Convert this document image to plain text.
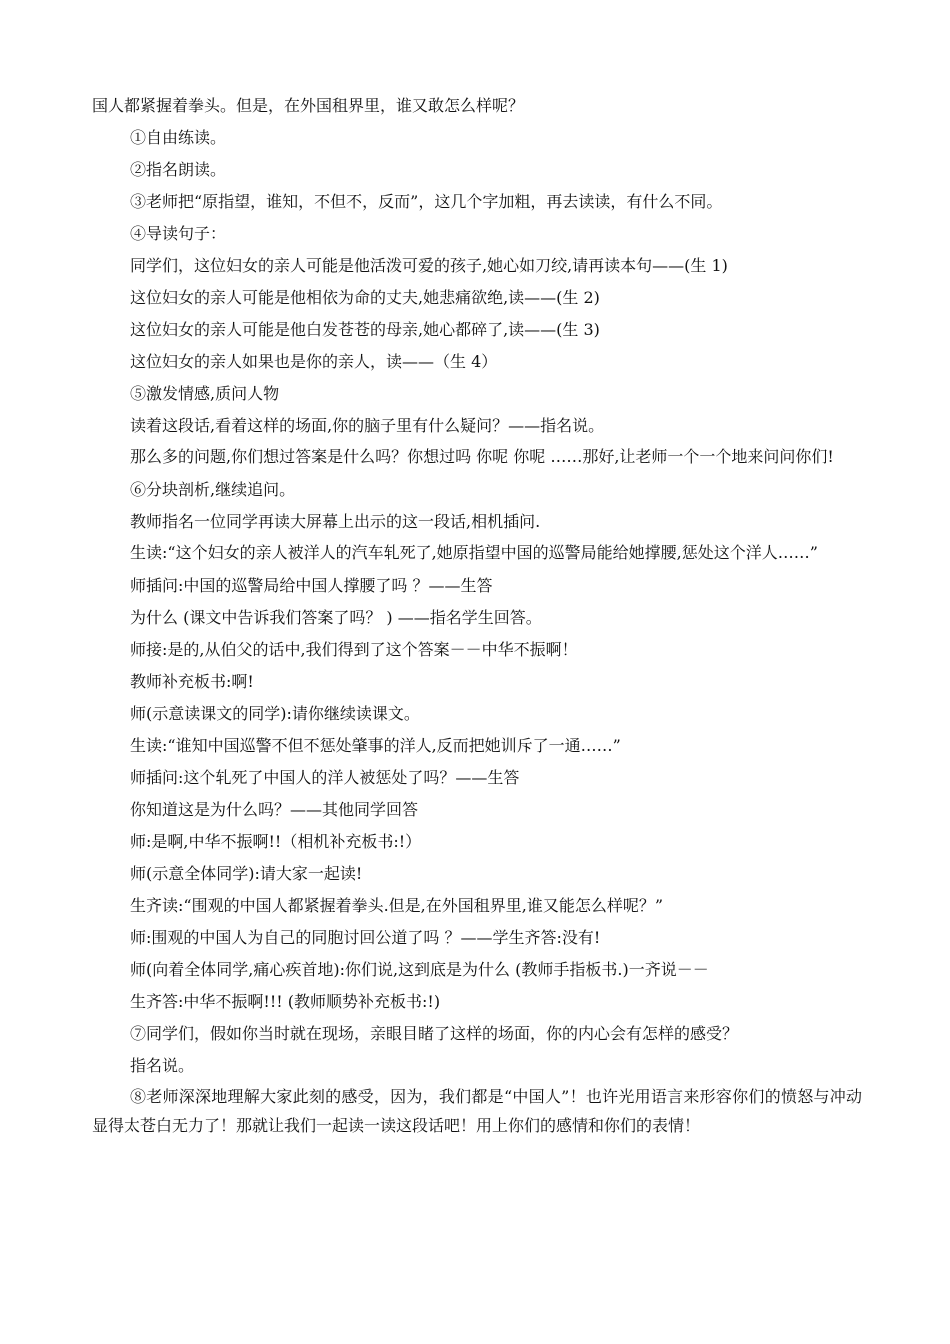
国人都紧握着拳头。但是，在外国租界里，谁又敢怎么样呢？

①自由练读。

②指名朗读。

③老师把“原指望，谁知，不但不，反而”，这几个字加粗，再去读读，有什么不同。

④导读句子：

同学们，这位妇女的亲人可能是他活泼可爱的孩子,她心如刀绞,请再读本句——(生 1)

这位妇女的亲人可能是他相依为命的丈夫,她悲痛欲绝,读——(生 2)

这位妇女的亲人可能是他白发苍苍的母亲,她心都碎了,读——(生 3)

这位妇女的亲人如果也是你的亲人，读——（生 4）

⑤激发情感,质问人物

读着这段话,看着这样的场面,你的脑子里有什么疑问？——指名说。

那么多的问题,你们想过答案是什么吗？你想过吗 你呢 你呢 ……那好,让老师一个一个地来问问你们!

⑥分块剖析,继续追问。

教师指名一位同学再读大屏幕上出示的这一段话,相机插问.

生读:“这个妇女的亲人被洋人的汽车轧死了,她原指望中国的巡警局能给她撑腰,惩处这个洋人……”

师插问:中国的巡警局给中国人撑腰了吗 ？——生答

为什么 (课文中告诉我们答案了吗？ ) ——指名学生回答。

师接:是的,从伯父的话中,我们得到了这个答案－－中华不振啊！

教师补充板书:啊!

师(示意读课文的同学):请你继续读课文。

生读:“谁知中国巡警不但不惩处肇事的洋人,反而把她训斥了一通……”

师插问:这个轧死了中国人的洋人被惩处了吗？——生答

你知道这是为什么吗？——其他同学回答

师:是啊,中华不振啊!!（相机补充板书:!）

师(示意全体同学):请大家一起读!

生齐读:“围观的中国人都紧握着拳头.但是,在外国租界里,谁又能怎么样呢？”

师:围观的中国人为自己的同胞讨回公道了吗 ？——学生齐答:没有!

师(向着全体同学,痛心疾首地):你们说,这到底是为什么 (教师手指板书.)一齐说－－

生齐答:中华不振啊!!! (教师顺势补充板书:!)

⑦同学们，假如你当时就在现场，亲眼目睹了这样的场面，你的内心会有怎样的感受？

指名说。

⑧老师深深地理解大家此刻的感受，因为，我们都是“中国人”！也许光用语言来形容你们的愤怒与冲动显得太苍白无力了！那就让我们一起读一读这段话吧！用上你们的感情和你们的表情！
